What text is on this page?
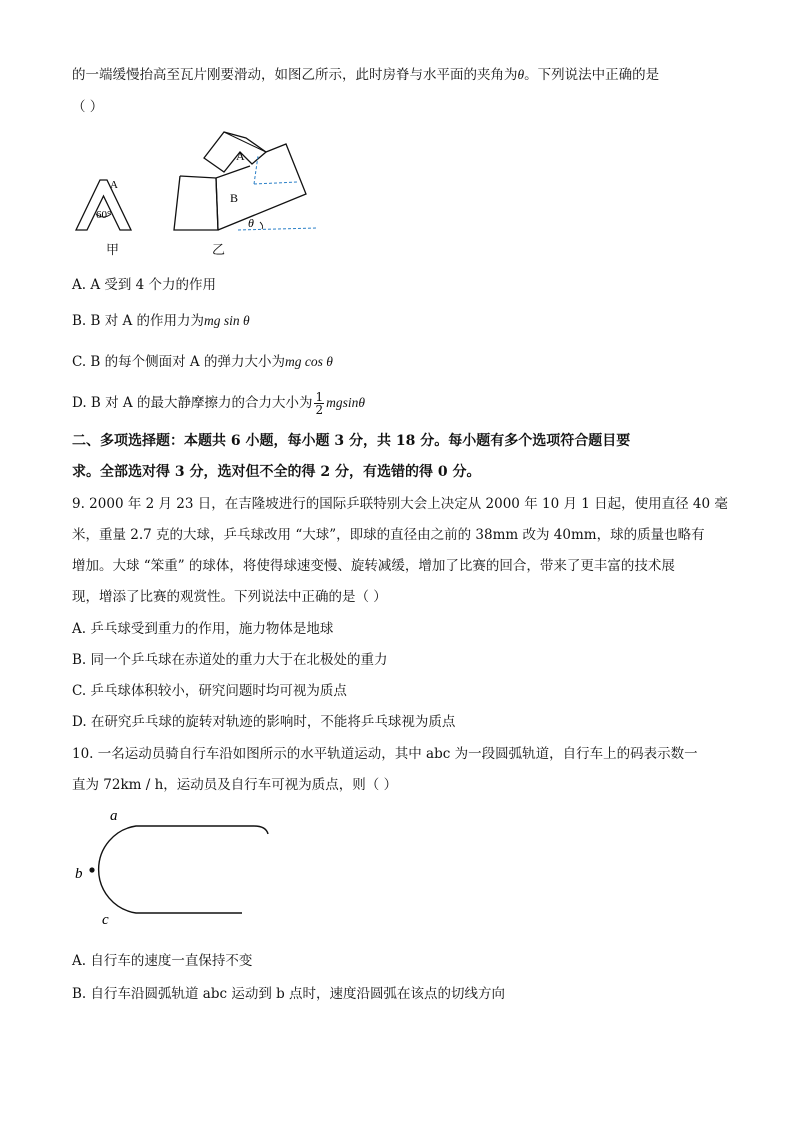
的一端缓慢抬高至瓦片刚要滑动，如图乙所示，此时房脊与水平面的夹角为θ。下列说法中正确的是
（ ）
60°
A
甲
A
B
θ
乙
A. A 受到 4 个力的作用
B. B 对 A 的作用力为mg sin θ
C. B 的每个侧面对 A 的弹力大小为mg cos θ
D. B 对 A 的最大静摩擦力的合力大小为 $\frac{1}{2}$ mgsinθ
二、多项选择题：本题共 6 小题，每小题 3 分，共 18 分。每小题有多个选项符合题目要
求。全部选对得 3 分，选对但不全的得 2 分，有选错的得 0 分。
9. 2000 年 2 月 23 日，在吉隆坡进行的国际乒联特别大会上决定从 2000 年 10 月 1 日起，使用直径 40 毫
米，重量 2.7 克的大球，乒乓球改用 “大球”，即球的直径由之前的 38mm 改为 40mm，球的质量也略有
增加。大球 “笨重” 的球体，将使得球速变慢、旋转减缓，增加了比赛的回合，带来了更丰富的技术展
现，增添了比赛的观赏性。下列说法中正确的是（ ）
A. 乒乓球受到重力的作用，施力物体是地球
B. 同一个乒乓球在赤道处的重力大于在北极处的重力
C. 乒乓球体积较小，研究问题时均可视为质点
D. 在研究乒乓球的旋转对轨迹的影响时，不能将乒乓球视为质点
10. 一名运动员骑自行车沿如图所示的水平轨道运动，其中 abc 为一段圆弧轨道，自行车上的码表示数一
直为 72km / h，运动员及自行车可视为质点，则（ ）
a
b
c
A. 自行车的速度一直保持不变
B. 自行车沿圆弧轨道 abc 运动到 b 点时，速度沿圆弧在该点的切线方向
